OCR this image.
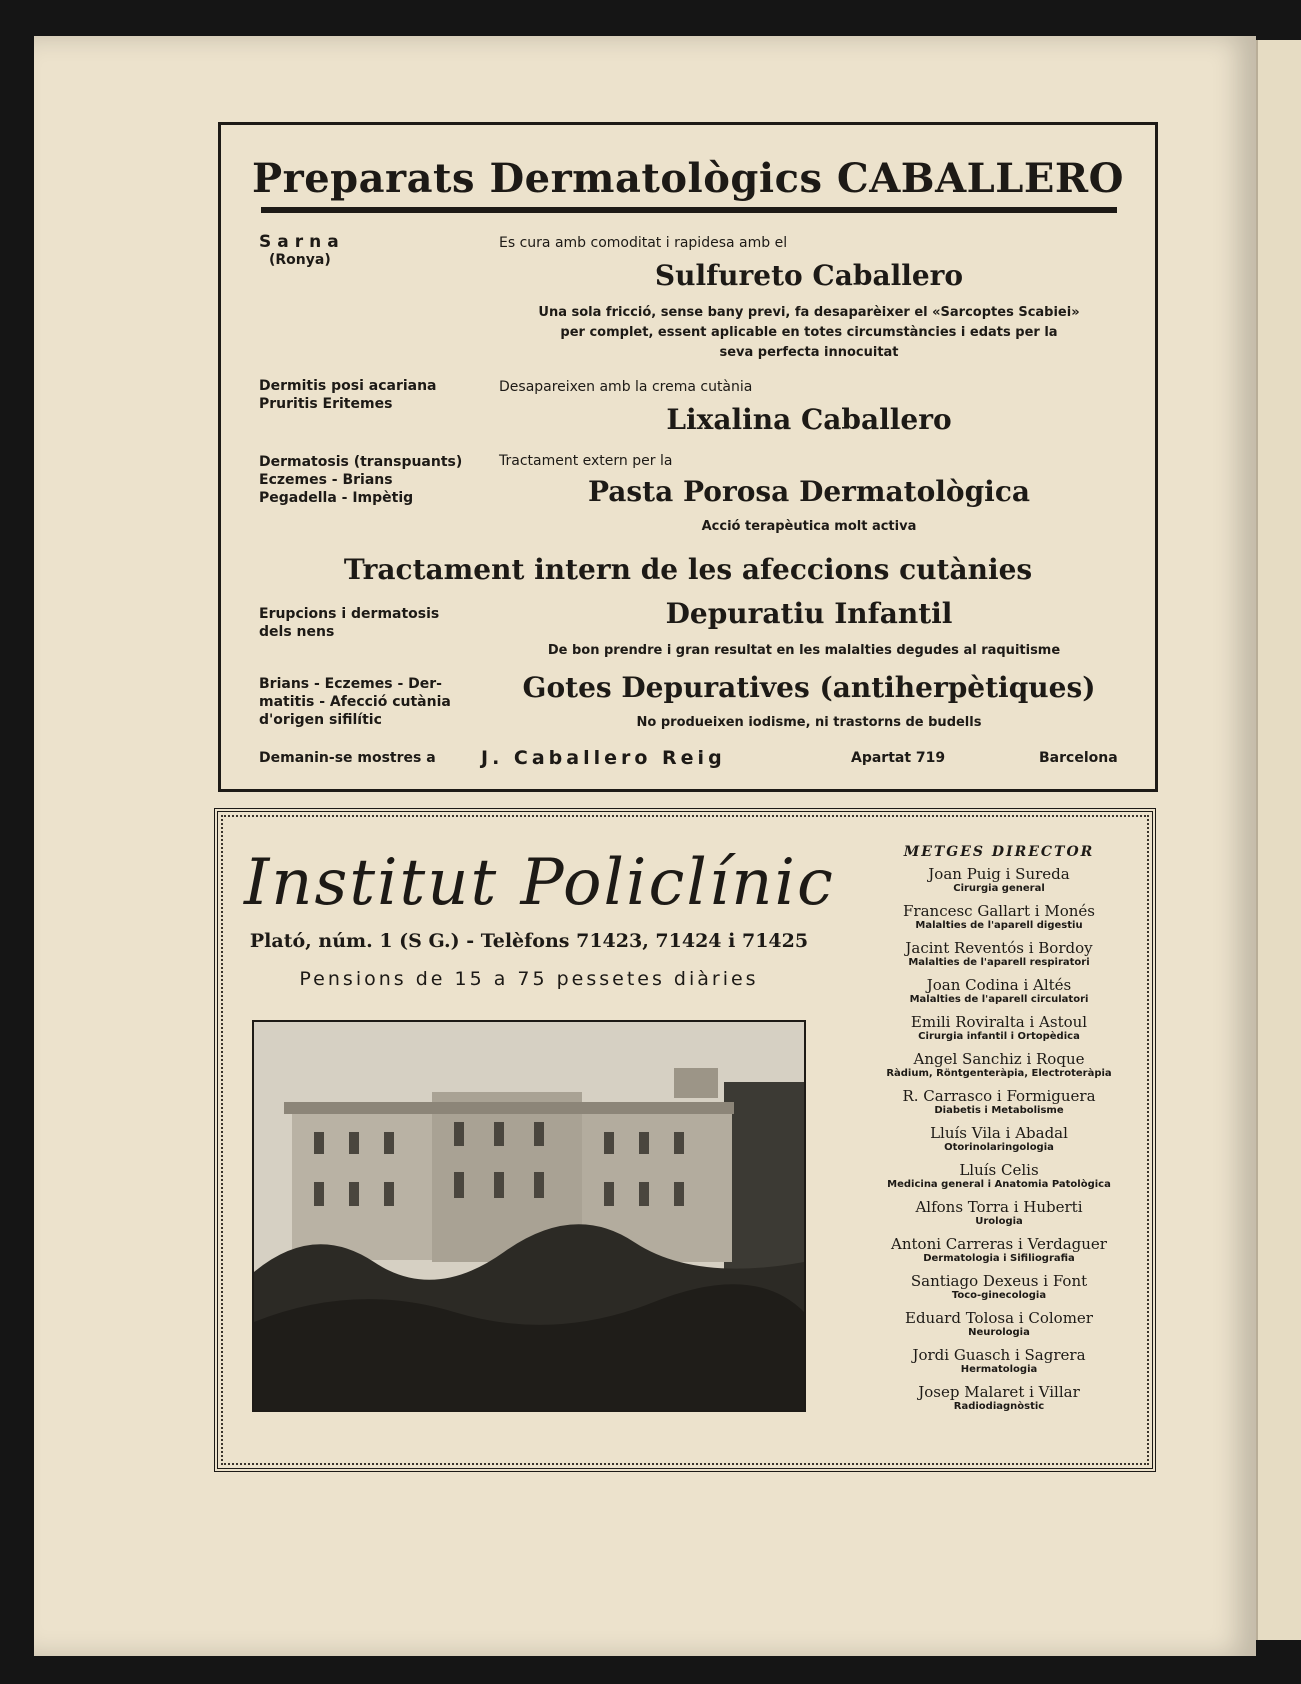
Preparats Dermatològics CABALLERO
Sarna
(Ronya)
Es cura amb comoditat i rapidesa amb el
Sulfureto Caballero
Una sola fricció, sense bany previ, fa desaparèixer el «Sarcoptes Scabiei»
per complet, essent aplicable en totes circumstàncies i edats per la
seva perfecta innocuitat
Dermitis posi acariana
Pruritis Eritemes
Desapareixen amb la crema cutània
Lixalina Caballero
Dermatosis (transpuants)
Eczemes - Brians
Pegadella - Impètig
Tractament extern per la
Pasta Porosa Dermatològica
Acció terapèutica molt activa
Tractament intern de les afeccions cutànies
Erupcions i dermatosis
dels nens
Depuratiu Infantil
De bon prendre i gran resultat en les malalties degudes al raquitisme
Brians - Eczemes - Der-
matitis - Afecció cutània
d'origen sifilític
Gotes Depuratives (antiherpètiques)
No produeixen iodisme, ni trastorns de budells
Demanin-se mostres a J. Caballero Reig	Apartat 719	Barcelona
Institut Policlínic
Plató, núm. 1 (S G.) - Telèfons 71423, 71424 i 71425
Pensions de 15 a 75 pessetes diàries
METGES DIRECTOR
Joan Puig i Sureda
Cirurgia general
Francesc Gallart i Monés
Malalties de l'aparell digestiu
Jacint Reventós i Bordoy
Malalties de l'aparell respiratori
Joan Codina i Altés
Malalties de l'aparell circulatori
Emili Roviralta i Astoul
Cirurgia infantil i Ortopèdica
Angel Sanchiz i Roque
Ràdium, Röntgenteràpia, Electroteràpia
R. Carrasco i Formiguera
Diabetis i Metabolisme
Lluís Vila i Abadal
Otorinolaringologia
Lluís Celis
Medicina general i Anatomia Patològica
Alfons Torra i Huberti
Urologia
Antoni Carreras i Verdaguer
Dermatologia i Sifiliografia
Santiago Dexeus i Font
Toco-ginecologia
Eduard Tolosa i Colomer
Neurologia
Jordi Guasch i Sagrera
Hermatologia
Josep Malaret i Villar
Radiodiagnòstic
